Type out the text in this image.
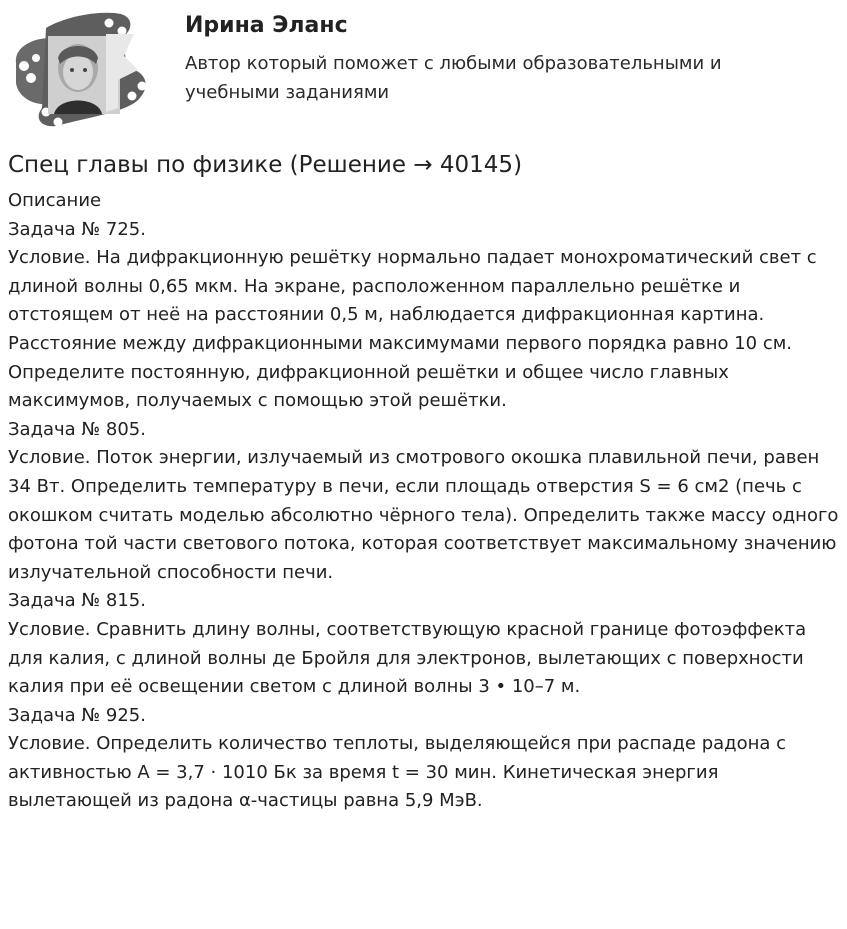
Ирина Эланс
Автор который поможет с любыми образовательными и учебными заданиями
Спец главы по физике (Решение → 40145)

Описание

Задача № 725.

Условие. На дифракционную решётку нормально падает монохроматический свет с длиной волны 0,65 мкм. На экране, расположенном параллельно решётке и отстоящем от неё на расстоянии 0,5 м, наблюдается дифракционная картина. Расстояние между дифракционными максимумами первого порядка равно 10 см. Определите постоянную, дифракционной решётки и общее число главных максимумов, получаемых с помощью этой решётки.

Задача № 805.

Условие. Поток энергии, излучаемый из смотрового окошка плавильной печи, равен 34 Вт. Определить температуру в печи, если площадь отверстия S = 6 см2 (печь с окошком считать моделью абсолютно чёрного тела). Определить также массу одного фотона той части светового потока, которая соответствует максимальному значению излучательной способности печи.

Задача № 815.

Условие. Сравнить длину волны, соответствующую красной границе фотоэффекта для калия, с длиной волны де Бройля для электронов, вылетающих с поверхности калия при её освещении светом с длиной волны 3 • 10–7 м.

Задача № 925.

Условие. Определить количество теплоты, выделяющейся при распаде радона с активностью A = 3,7 · 1010 Бк за время t = 30 мин. Кинетическая энергия вылетающей из радона α-частицы равна 5,9 МэВ.
